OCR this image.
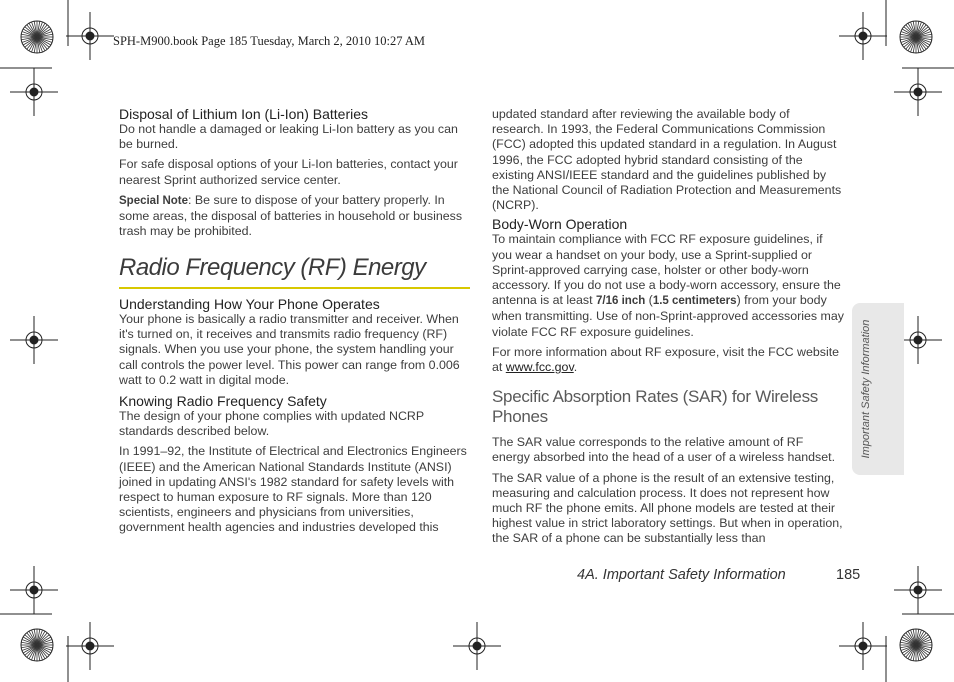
SPH-M900.book Page 185 Tuesday, March 2, 2010 10:27 AM

Disposal of Lithium Ion (Li-Ion) Batteries

Do not handle a damaged or leaking Li-Ion battery as you can be burned.

For safe disposal options of your Li-Ion batteries, contact your nearest Sprint authorized service center.

Special Note: Be sure to dispose of your battery properly. In some areas, the disposal of batteries in household or business trash may be prohibited.

Radio Frequency (RF) Energy

Understanding How Your Phone Operates

Your phone is basically a radio transmitter and receiver. When it's turned on, it receives and transmits radio frequency (RF) signals. When you use your phone, the system handling your call controls the power level. This power can range from 0.006 watt to 0.2 watt in digital mode.

Knowing Radio Frequency Safety

The design of your phone complies with updated NCRP standards described below.

In 1991–92, the Institute of Electrical and Electronics Engineers (IEEE) and the American National Standards Institute (ANSI) joined in updating ANSI's 1982 standard for safety levels with respect to human exposure to RF signals. More than 120 scientists, engineers and physicians from universities, government health agencies and industries developed this

updated standard after reviewing the available body of research. In 1993, the Federal Communications Commission (FCC) adopted this updated standard in a regulation. In August 1996, the FCC adopted hybrid standard consisting of the existing ANSI/IEEE standard and the guidelines published by the National Council of Radiation Protection and Measurements (NCRP).

Body-Worn Operation

To maintain compliance with FCC RF exposure guidelines, if you wear a handset on your body, use a Sprint-supplied or Sprint-approved carrying case, holster or other body-worn accessory. If you do not use a body-worn accessory, ensure the antenna is at least 7/16 inch (1.5 centimeters) from your body when transmitting. Use of non-Sprint-approved accessories may violate FCC RF exposure guidelines.

For more information about RF exposure, visit the FCC website at www.fcc.gov.

Specific Absorption Rates (SAR) for Wireless Phones

The SAR value corresponds to the relative amount of RF energy absorbed into the head of a user of a wireless handset.

The SAR value of a phone is the result of an extensive testing, measuring and calculation process. It does not represent how much RF the phone emits. All phone models are tested at their highest value in strict laboratory settings. But when in operation, the SAR of a phone can be substantially less than

Important Safety Information
4A. Important Safety Information	185
